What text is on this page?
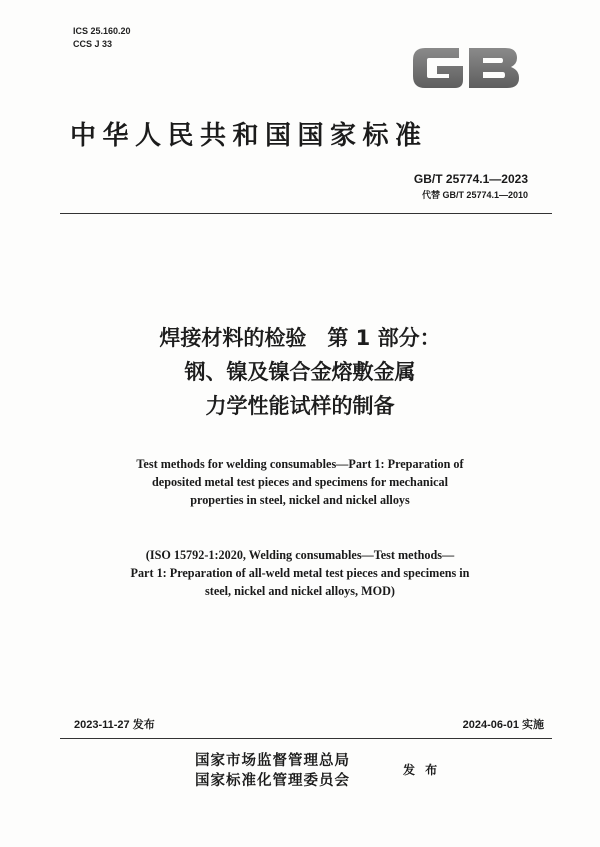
ICS 25.160.20
CCS J 33
中华人民共和国国家标准
GB/T 25774.1—2023
代替 GB/T 25774.1—2010
焊接材料的检验　第 1 部分：
钢、镍及镍合金熔敷金属
力学性能试样的制备
Test methods for welding consumables—Part 1: Preparation of
deposited metal test pieces and specimens for mechanical
properties in steel, nickel and nickel alloys
(ISO 15792-1:2020, Welding consumables—Test methods—
Part 1: Preparation of all-weld metal test pieces and specimens in
steel, nickel and nickel alloys, MOD)
2023-11-27 发布	2024-06-01 实施
国家市场监督管理总局
国家标准化管理委员会
发 布
